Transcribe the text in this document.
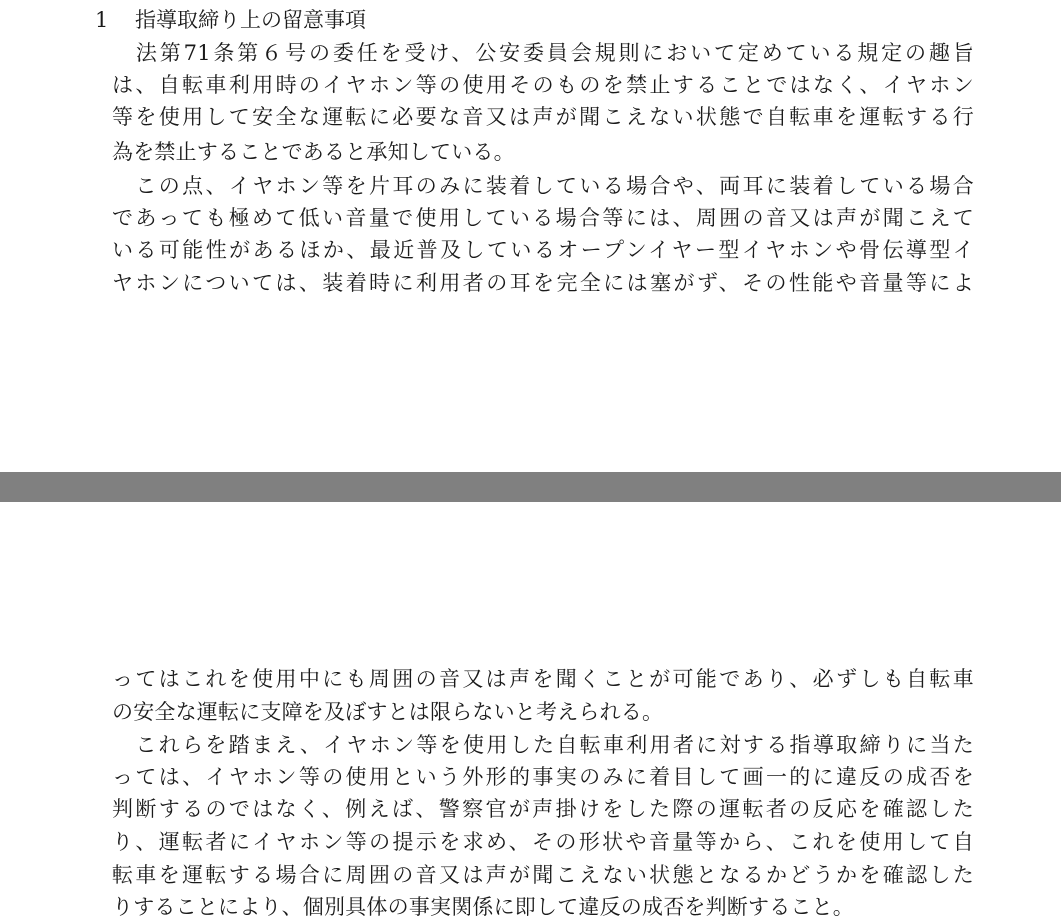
1 指導取締り上の留意事項
　法第71条第６号の委任を受け、公安委員会規則において定めている規定の趣旨
は、自転車利用時のイヤホン等の使用そのものを禁止することではなく、イヤホン
等を使用して安全な運転に必要な音又は声が聞こえない状態で自転車を運転する行
為を禁止することであると承知している。
　この点、イヤホン等を片耳のみに装着している場合や、両耳に装着している場合
であっても極めて低い音量で使用している場合等には、周囲の音又は声が聞こえて
いる可能性があるほか、最近普及しているオープンイヤー型イヤホンや骨伝導型イ
ヤホンについては、装着時に利用者の耳を完全には塞がず、その性能や音量等によ
ってはこれを使用中にも周囲の音又は声を聞くことが可能であり、必ずしも自転車
の安全な運転に支障を及ぼすとは限らないと考えられる。
　これらを踏まえ、イヤホン等を使用した自転車利用者に対する指導取締りに当た
っては、イヤホン等の使用という外形的事実のみに着目して画一的に違反の成否を
判断するのではなく、例えば、警察官が声掛けをした際の運転者の反応を確認した
り、運転者にイヤホン等の提示を求め、その形状や音量等から、これを使用して自
転車を運転する場合に周囲の音又は声が聞こえない状態となるかどうかを確認した
りすることにより、個別具体の事実関係に即して違反の成否を判断すること。
